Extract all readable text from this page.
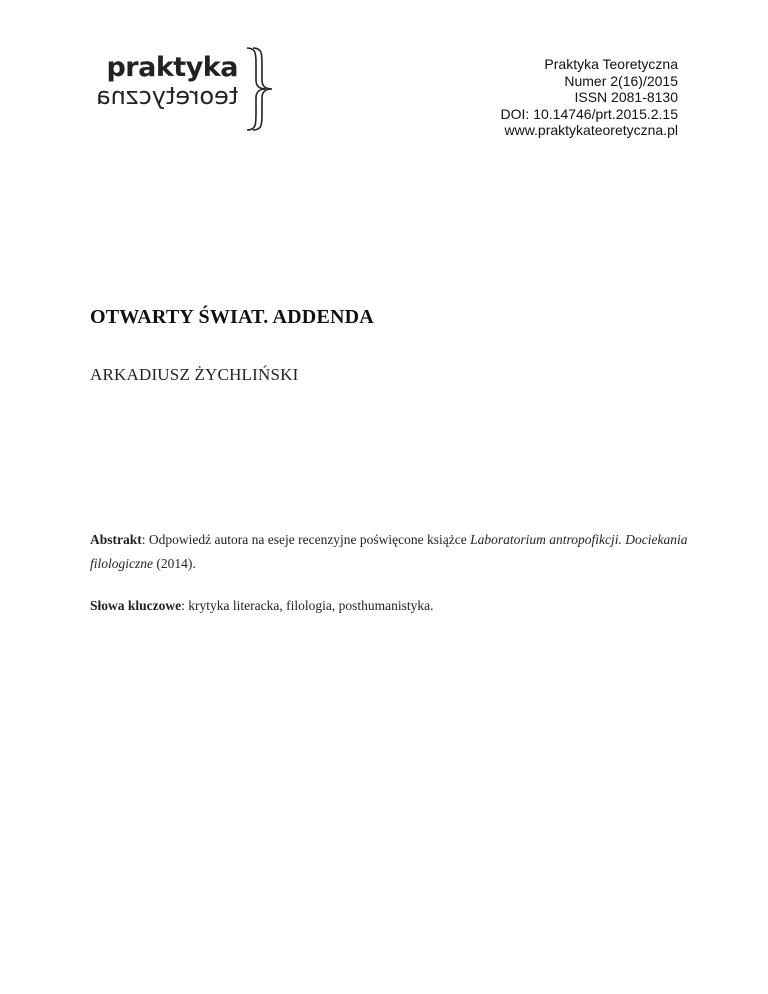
praktyka
teoretyczna
Praktyka Teoretyczna
Numer 2(16)/2015
ISSN 2081-8130
DOI: 10.14746/prt.2015.2.15
www.praktykateoretyczna.pl
OTWARTY ŚWIAT. ADDENDA
ARKADIUSZ ŻYCHLIŃSKI

Abstrakt: Odpowiedź autora na eseje recenzyjne poświęcone książce Laboratorium antropofikcji. Dociekania filologiczne (2014).

Słowa kluczowe: krytyka literacka, filologia, posthumanistyka.
